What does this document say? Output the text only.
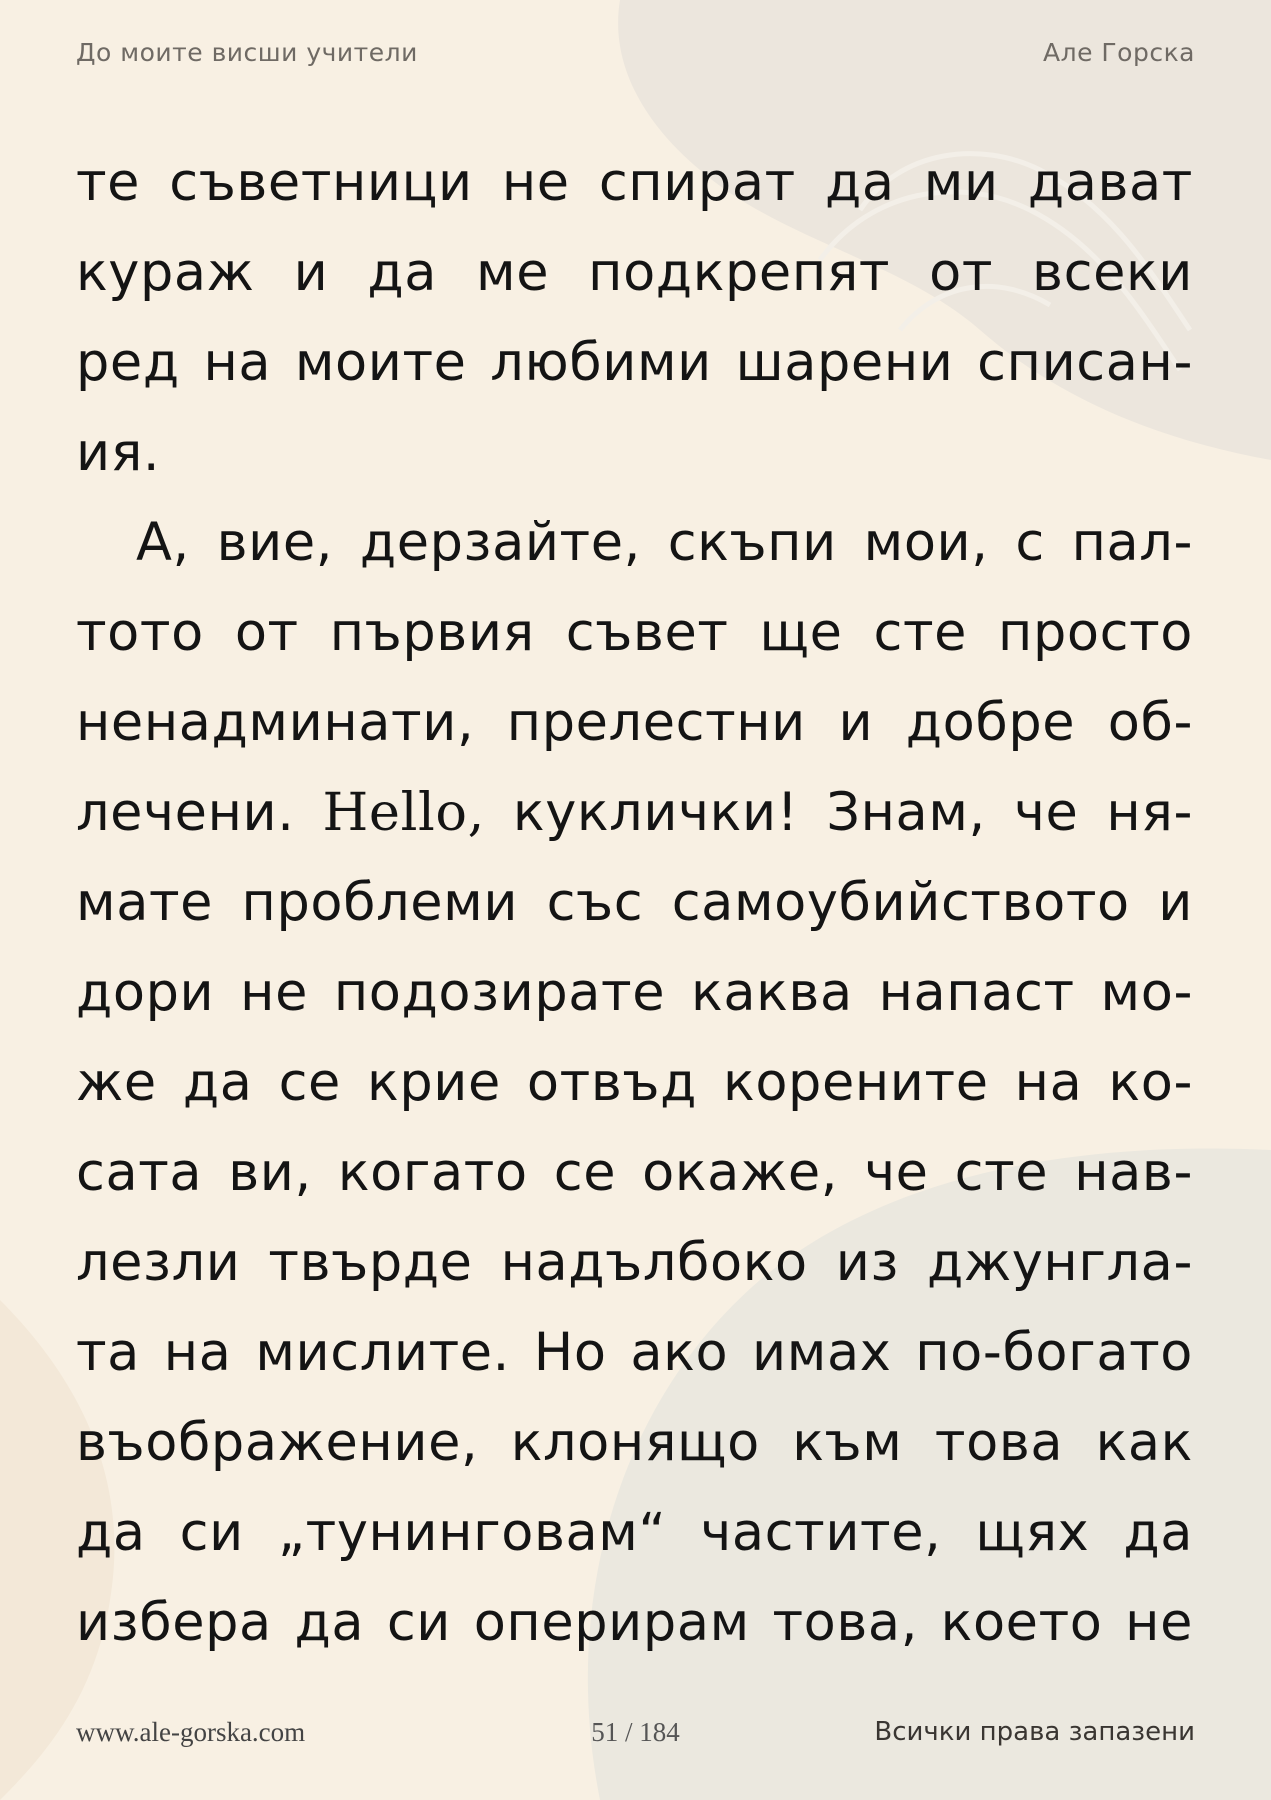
До моите висши учители	Але Горска
те съветници не спират да ми дават
кураж и да ме подкрепят от всеки
ред на моите любими шарени списан-
ия.
А, вие, дерзайте, скъпи мои, с пал-
тото от първия съвет ще сте просто
ненадминати, прелестни и добре об-
лечени. Hello, куклички! Знам, че ня-
мате проблеми със самоубийството и
дори не подозирате каква напаст мо-
же да се крие отвъд корените на ко-
сата ви, когато се окаже, че сте нав-
лезли твърде надълбоко из джунгла-
та на мислите. Но ако имах по-богато
въображение, клонящо към това как
да си „тунинговам“ частите, щях да
избера да си оперирам това, което не
www.ale-gorska.com	51 / 184	Всички права запазени
